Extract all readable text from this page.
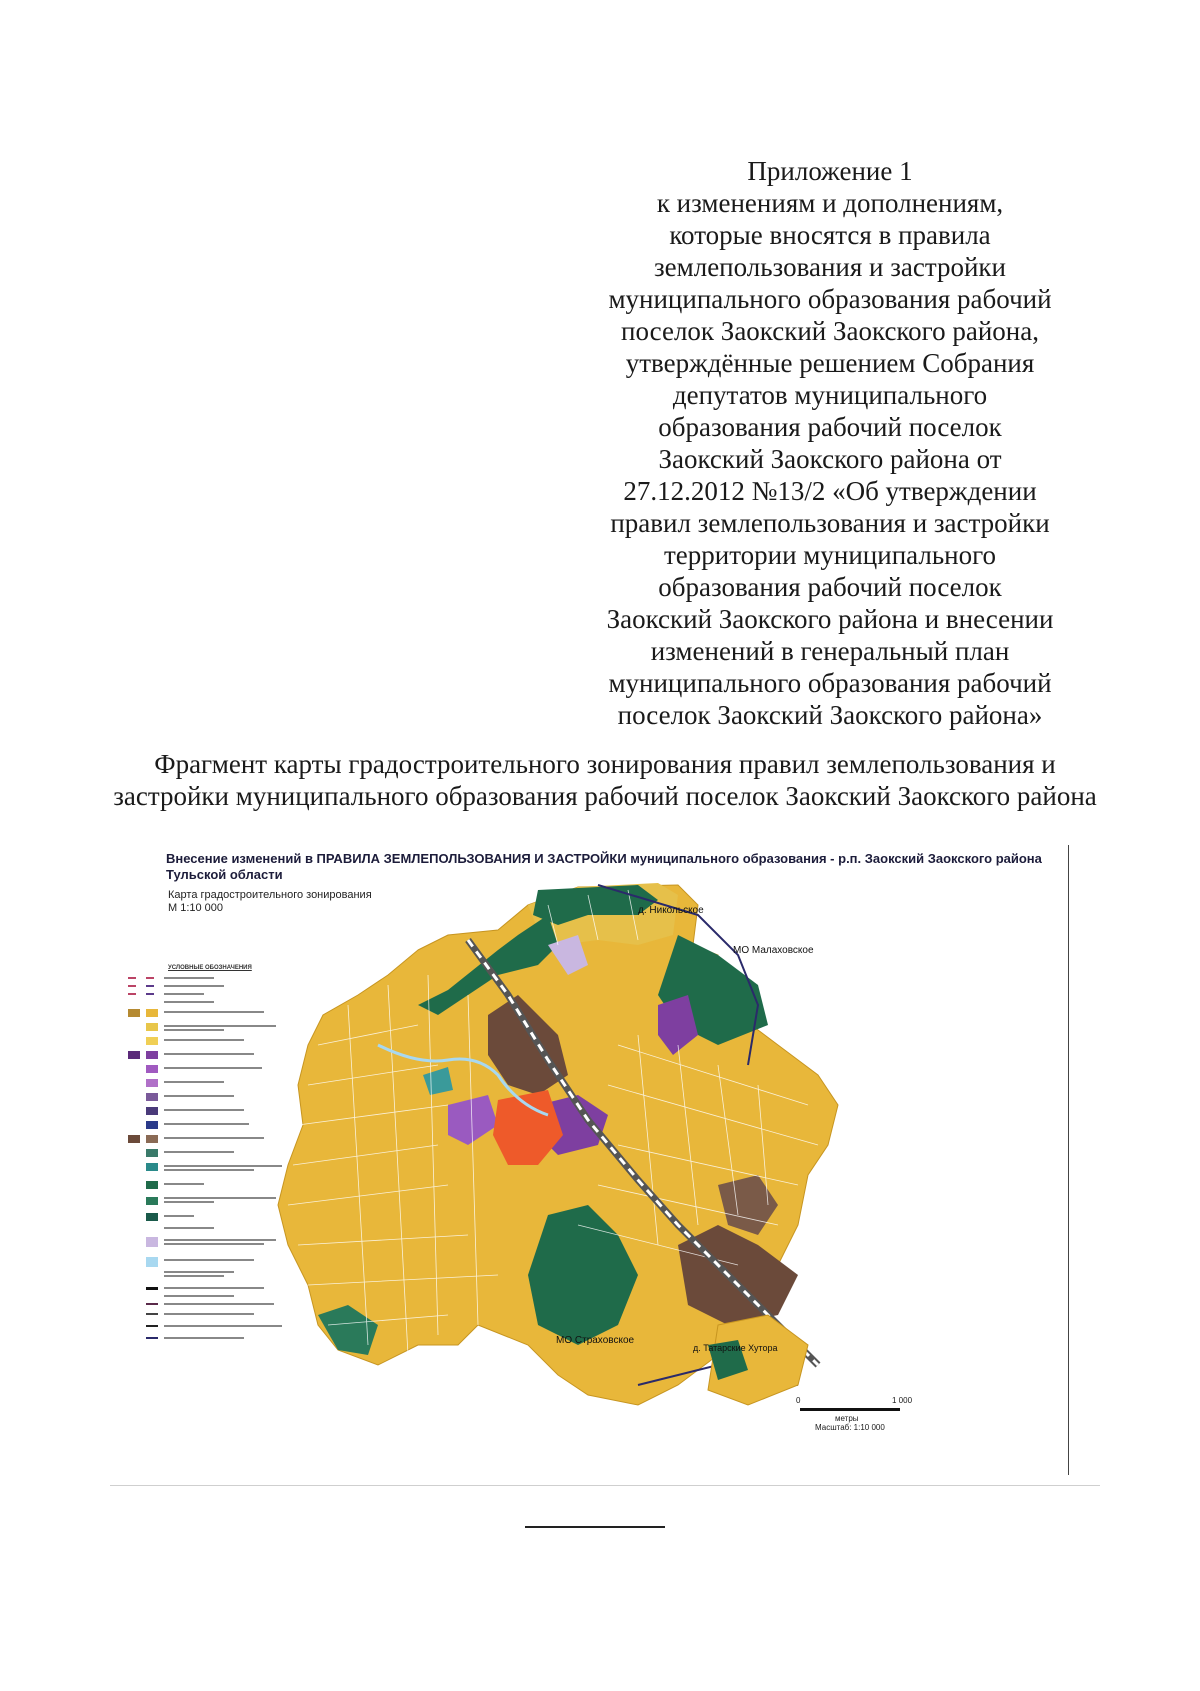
Приложение 1
к изменениям и дополнениям,
которые вносятся в правила
землепользования и застройки
муниципального образования рабочий
поселок Заокский Заокского района,
утверждённые решением Собрания
депутатов муниципального
образования рабочий поселок
Заокский Заокского района от
27.12.2012 №13/2 «Об утверждении
правил землепользования и застройки
территории муниципального
образования рабочий поселок
Заокский Заокского района и внесении
изменений в генеральный план
муниципального образования рабочий
поселок Заокский Заокского района»
Фрагмент карты градостроительного зонирования правил землепользования и застройки муниципального образования рабочий поселок Заокский Заокского района
Внесение изменений в ПРАВИЛА ЗЕМЛЕПОЛЬЗОВАНИЯ И ЗАСТРОЙКИ муниципального образования - р.п. Заокский Заокского района Тульской области
Карта градостроительного зонирования
М 1:10 000
УСЛОВНЫЕ ОБОЗНАЧЕНИЯ
д. Никольское
МО Малаховское
МО Страховское
д. Татарские Хутора
0	1 000
метры
Масштаб: 1:10 000
